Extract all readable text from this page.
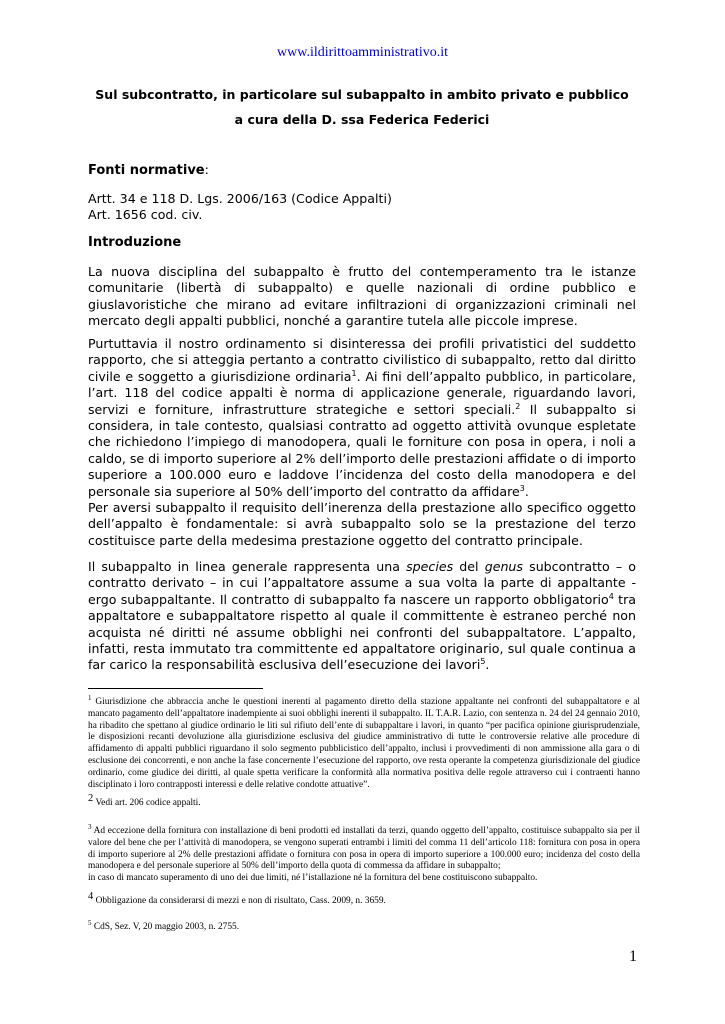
www.ildirittoamministrativo.it
Sul subcontratto, in particolare sul subappalto in ambito privato e pubblico
a cura della D. ssa Federica Federici
Fonti normative:
Artt. 34 e 118 D. Lgs. 2006/163 (Codice Appalti)
Art. 1656 cod. civ.
Introduzione
La nuova disciplina del subappalto è frutto del contemperamento tra le istanze comunitarie (libertà di subappalto) e quelle nazionali di ordine pubblico e giuslavoristiche che mirano ad evitare infiltrazioni di organizzazioni criminali nel mercato degli appalti pubblici, nonché a garantire tutela alle piccole imprese.
Purtuttavia il nostro ordinamento si disinteressa dei profili privatistici del suddetto rapporto, che si atteggia pertanto a contratto civilistico di subappalto, retto dal diritto civile e soggetto a giurisdizione ordinaria$^1$. Ai fini dell’appalto pubblico, in particolare, l’art. 118 del codice appalti è norma di applicazione generale, riguardando lavori, servizi e forniture, infrastrutture strategiche e settori speciali.$^2$ Il subappalto si considera, in tale contesto, qualsiasi contratto ad oggetto attività ovunque espletate che richiedono l’impiego di manodopera, quali le forniture con posa in opera, i noli a caldo, se di importo superiore al 2% dell’importo delle prestazioni affidate o di importo superiore a 100.000 euro e laddove l’incidenza del costo della manodopera e del personale sia superiore al 50% dell’importo del contratto da affidare$^3$.
Per aversi subappalto il requisito dell’inerenza della prestazione allo specifico oggetto dell’appalto è fondamentale: si avrà subappalto solo se la prestazione del terzo costituisce parte della medesima prestazione oggetto del contratto principale.
Il subappalto in linea generale rappresenta una species del genus subcontratto – o contratto derivato – in cui l’appaltatore assume a sua volta la parte di appaltante - ergo subappaltante. Il contratto di subappalto fa nascere un rapporto obbligatorio$^4$ tra appaltatore e subappaltatore rispetto al quale il committente è estraneo perché non acquista né diritti né assume obblighi nei confronti del subappaltatore. L’appalto, infatti, resta immutato tra committente ed appaltatore originario, sul quale continua a far carico la responsabilità esclusiva dell’esecuzione dei lavori$^5$.
$^1$ Giurisdizione che abbraccia anche le questioni inerenti al pagamento diretto della stazione appaltante nei confronti del subappaltatore e al mancato pagamento dell’appaltatore inadempiente ai suoi obblighi inerenti il subappalto. IL T.A.R. Lazio, con sentenza n. 24 del 24 gennaio 2010, ha ribadito che spettano al giudice ordinario le liti sul rifiuto dell’ente di subappaltare i lavori, in quanto “per pacifica opinione giurisprudenziale, le disposizioni recanti devoluzione alla giurisdizione esclusiva del giudice amministrativo di tutte le controversie relative alle procedure di affidamento di appalti pubblici riguardano il solo segmento pubblicistico dell’appalto, inclusi i provvedimenti di non ammissione alla gara o di esclusione dei concorrenti, e non anche la fase concernente l’esecuzione del rapporto, ove resta operante la competenza giurisdizionale del giudice ordinario, come giudice dei diritti, al quale spetta verificare la conformità alla normativa positiva delle regole attraverso cui i contraenti hanno disciplinato i loro contrapposti interessi e delle relative condotte attuative”.
2 Vedi art. 206 codice appalti.
$^3$ Ad eccezione della fornitura con installazione di beni prodotti ed installati da terzi, quando oggetto dell’appalto, costituisce subappalto sia per il valore del bene che per l’attività di manodopera, se vengono superati entrambi i limiti del comma 11 dell’articolo 118: fornitura con posa in opera di importo superiore al 2% delle prestazioni affidate o fornitura con posa in opera di importo superiore a 100.000 euro; incidenza del costo della manodopera e del personale superiore al 50% dell’importo della quota di commessa da affidare in subappalto;
in caso di mancato superamento di uno dei due limiti, né l’istallazione né la fornitura del bene costituiscono subappalto.
4 Obbligazione da considerarsi di mezzi e non di risultato, Cass. 2009, n. 3659.
$^5$ CdS, Sez. V, 20 maggio 2003, n. 2755.
1
